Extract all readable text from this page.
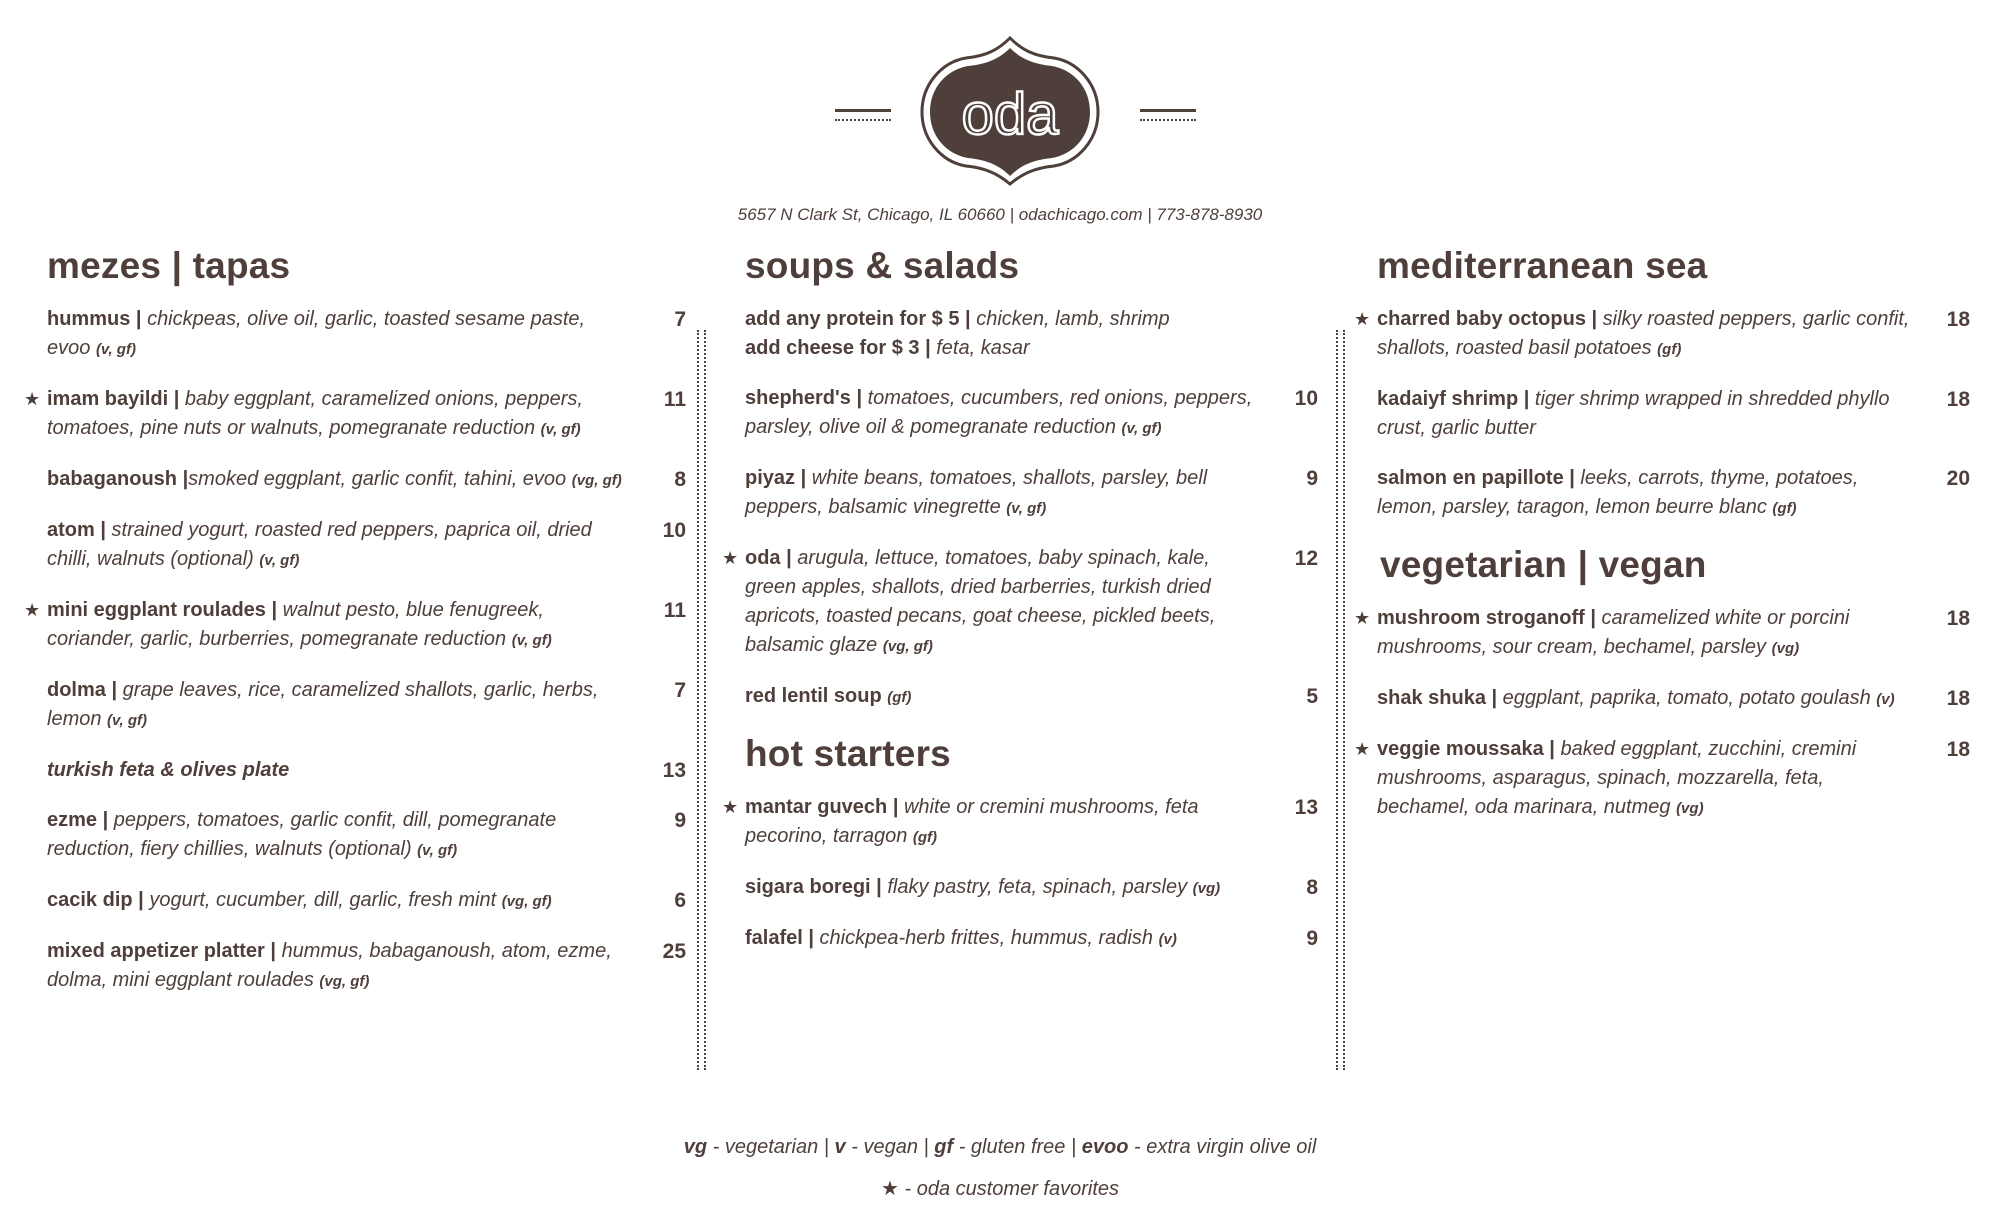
oda
5657 N Clark St, Chicago, IL 60660 | odachicago.com | 773-878-8930
mezes | tapas
hummus | chickpeas, olive oil, garlic, toasted sesame paste, evoo (v, gf)
7
★ imam bayildi | baby eggplant, caramelized onions, peppers, tomatoes, pine nuts or walnuts, pomegranate reduction (v, gf)
11
babaganoush |smoked eggplant, garlic confit, tahini, evoo (vg, gf)	8
atom | strained yogurt, roasted red peppers, paprica oil, dried chilli, walnuts (optional) (v, gf)
10
★ mini eggplant roulades | walnut pesto, blue fenugreek, coriander, garlic, burberries, pomegranate reduction (v, gf)
11
dolma | grape leaves, rice, caramelized shallots, garlic, herbs, lemon (v, gf)
7
turkish feta & olives plate	13
ezme | peppers, tomatoes, garlic confit, dill, pomegranate reduction, fiery chillies, walnuts (optional) (v, gf)
9
cacik dip | yogurt, cucumber, dill, garlic, fresh mint (vg, gf)	6
mixed appetizer platter | hummus, babaganoush, atom, ezme, dolma, mini eggplant roulades (vg, gf)
25
soups & salads
add any protein for $ 5 | chicken, lamb, shrimp
add cheese for $ 3 | feta, kasar
shepherd's | tomatoes, cucumbers, red onions, peppers, parsley, olive oil & pomegranate reduction (v, gf)
10
piyaz | white beans, tomatoes, shallots, parsley, bell peppers, balsamic vinegrette (v, gf)
9
★ oda | arugula, lettuce, tomatoes, baby spinach, kale, green apples, shallots, dried barberries, turkish dried apricots, toasted pecans, goat cheese, pickled beets, balsamic glaze (vg, gf)
12
red lentil soup (gf)	5
hot starters
★ mantar guvech | white or cremini mushrooms, feta pecorino, tarragon (gf)
13
sigara boregi | flaky pastry, feta, spinach, parsley (vg)	8
falafel | chickpea-herb frittes, hummus, radish (v)	9
mediterranean sea
★ charred baby octopus | silky roasted peppers, garlic confit, shallots, roasted basil potatoes (gf)
18
kadaiyf shrimp | tiger shrimp wrapped in shredded phyllo crust, garlic butter
18
salmon en papillote | leeks, carrots, thyme, potatoes, lemon, parsley, taragon, lemon beurre blanc (gf)
20
vegetarian | vegan
★ mushroom stroganoff | caramelized white or porcini mushrooms, sour cream, bechamel, parsley (vg)
18
shak shuka | eggplant, paprika, tomato, potato goulash (v) 18
★ veggie moussaka | baked eggplant, zucchini, cremini mushrooms, asparagus, spinach, mozzarella, feta, bechamel, oda marinara, nutmeg (vg)
18
vg - vegetarian | v - vegan | gf - gluten free | evoo - extra virgin olive oil
★ - oda customer favorites
